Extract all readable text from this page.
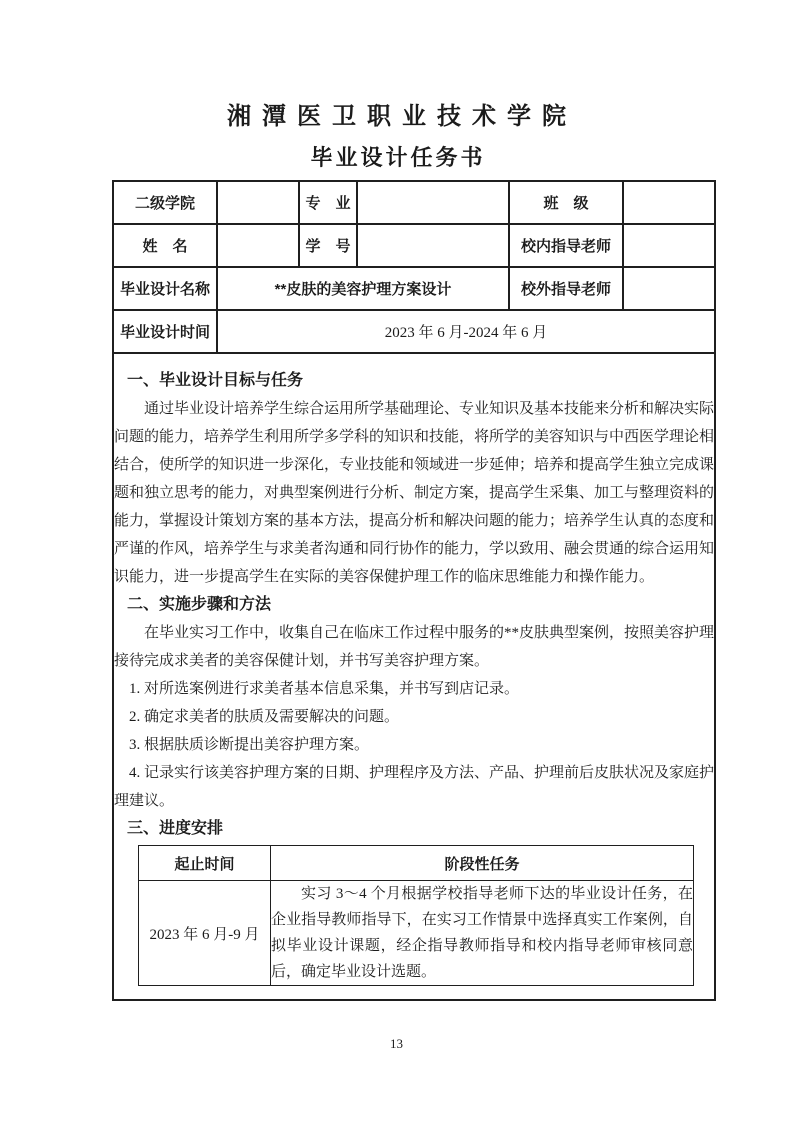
湘潭医卫职业技术学院
毕业设计任务书
二级学院		专　业		班　级	
姓　名		学　号		校内指导老师	
毕业设计名称	**皮肤的美容护理方案设计	校外指导老师	
毕业设计时间	2023 年 6 月-2024 年 6 月

一、毕业设计目标与任务

通过毕业设计培养学生综合运用所学基础理论、专业知识及基本技能来分析和解决实际问题的能力，培养学生利用所学多学科的知识和技能，将所学的美容知识与中西医学理论相结合，使所学的知识进一步深化，专业技能和领域进一步延伸；培养和提高学生独立完成课题和独立思考的能力，对典型案例进行分析、制定方案，提高学生采集、加工与整理资料的能力，掌握设计策划方案的基本方法，提高分析和解决问题的能力；培养学生认真的态度和严谨的作风，培养学生与求美者沟通和同行协作的能力，学以致用、融会贯通的综合运用知识能力，进一步提高学生在实际的美容保健护理工作的临床思维能力和操作能力。

二、实施步骤和方法

在毕业实习工作中，收集自己在临床工作过程中服务的**皮肤典型案例，按照美容护理接待完成求美者的美容保健计划，并书写美容护理方案。

1. 对所选案例进行求美者基本信息采集，并书写到店记录。

2. 确定求美者的肤质及需要解决的问题。

3. 根据肤质诊断提出美容护理方案。

4. 记录实行该美容护理方案的日期、护理程序及方法、产品、护理前后皮肤状况及家庭护理建议。

三、进度安排

起止时间	阶段性任务
2023 年 6 月-9 月	实习 3～4 个月根据学校指导老师下达的毕业设计任务，在企业指导教师指导下，在实习工作情景中选择真实工作案例，自拟毕业设计课题，经企指导教师指导和校内指导老师审核同意后，确定毕业设计选题。
13
